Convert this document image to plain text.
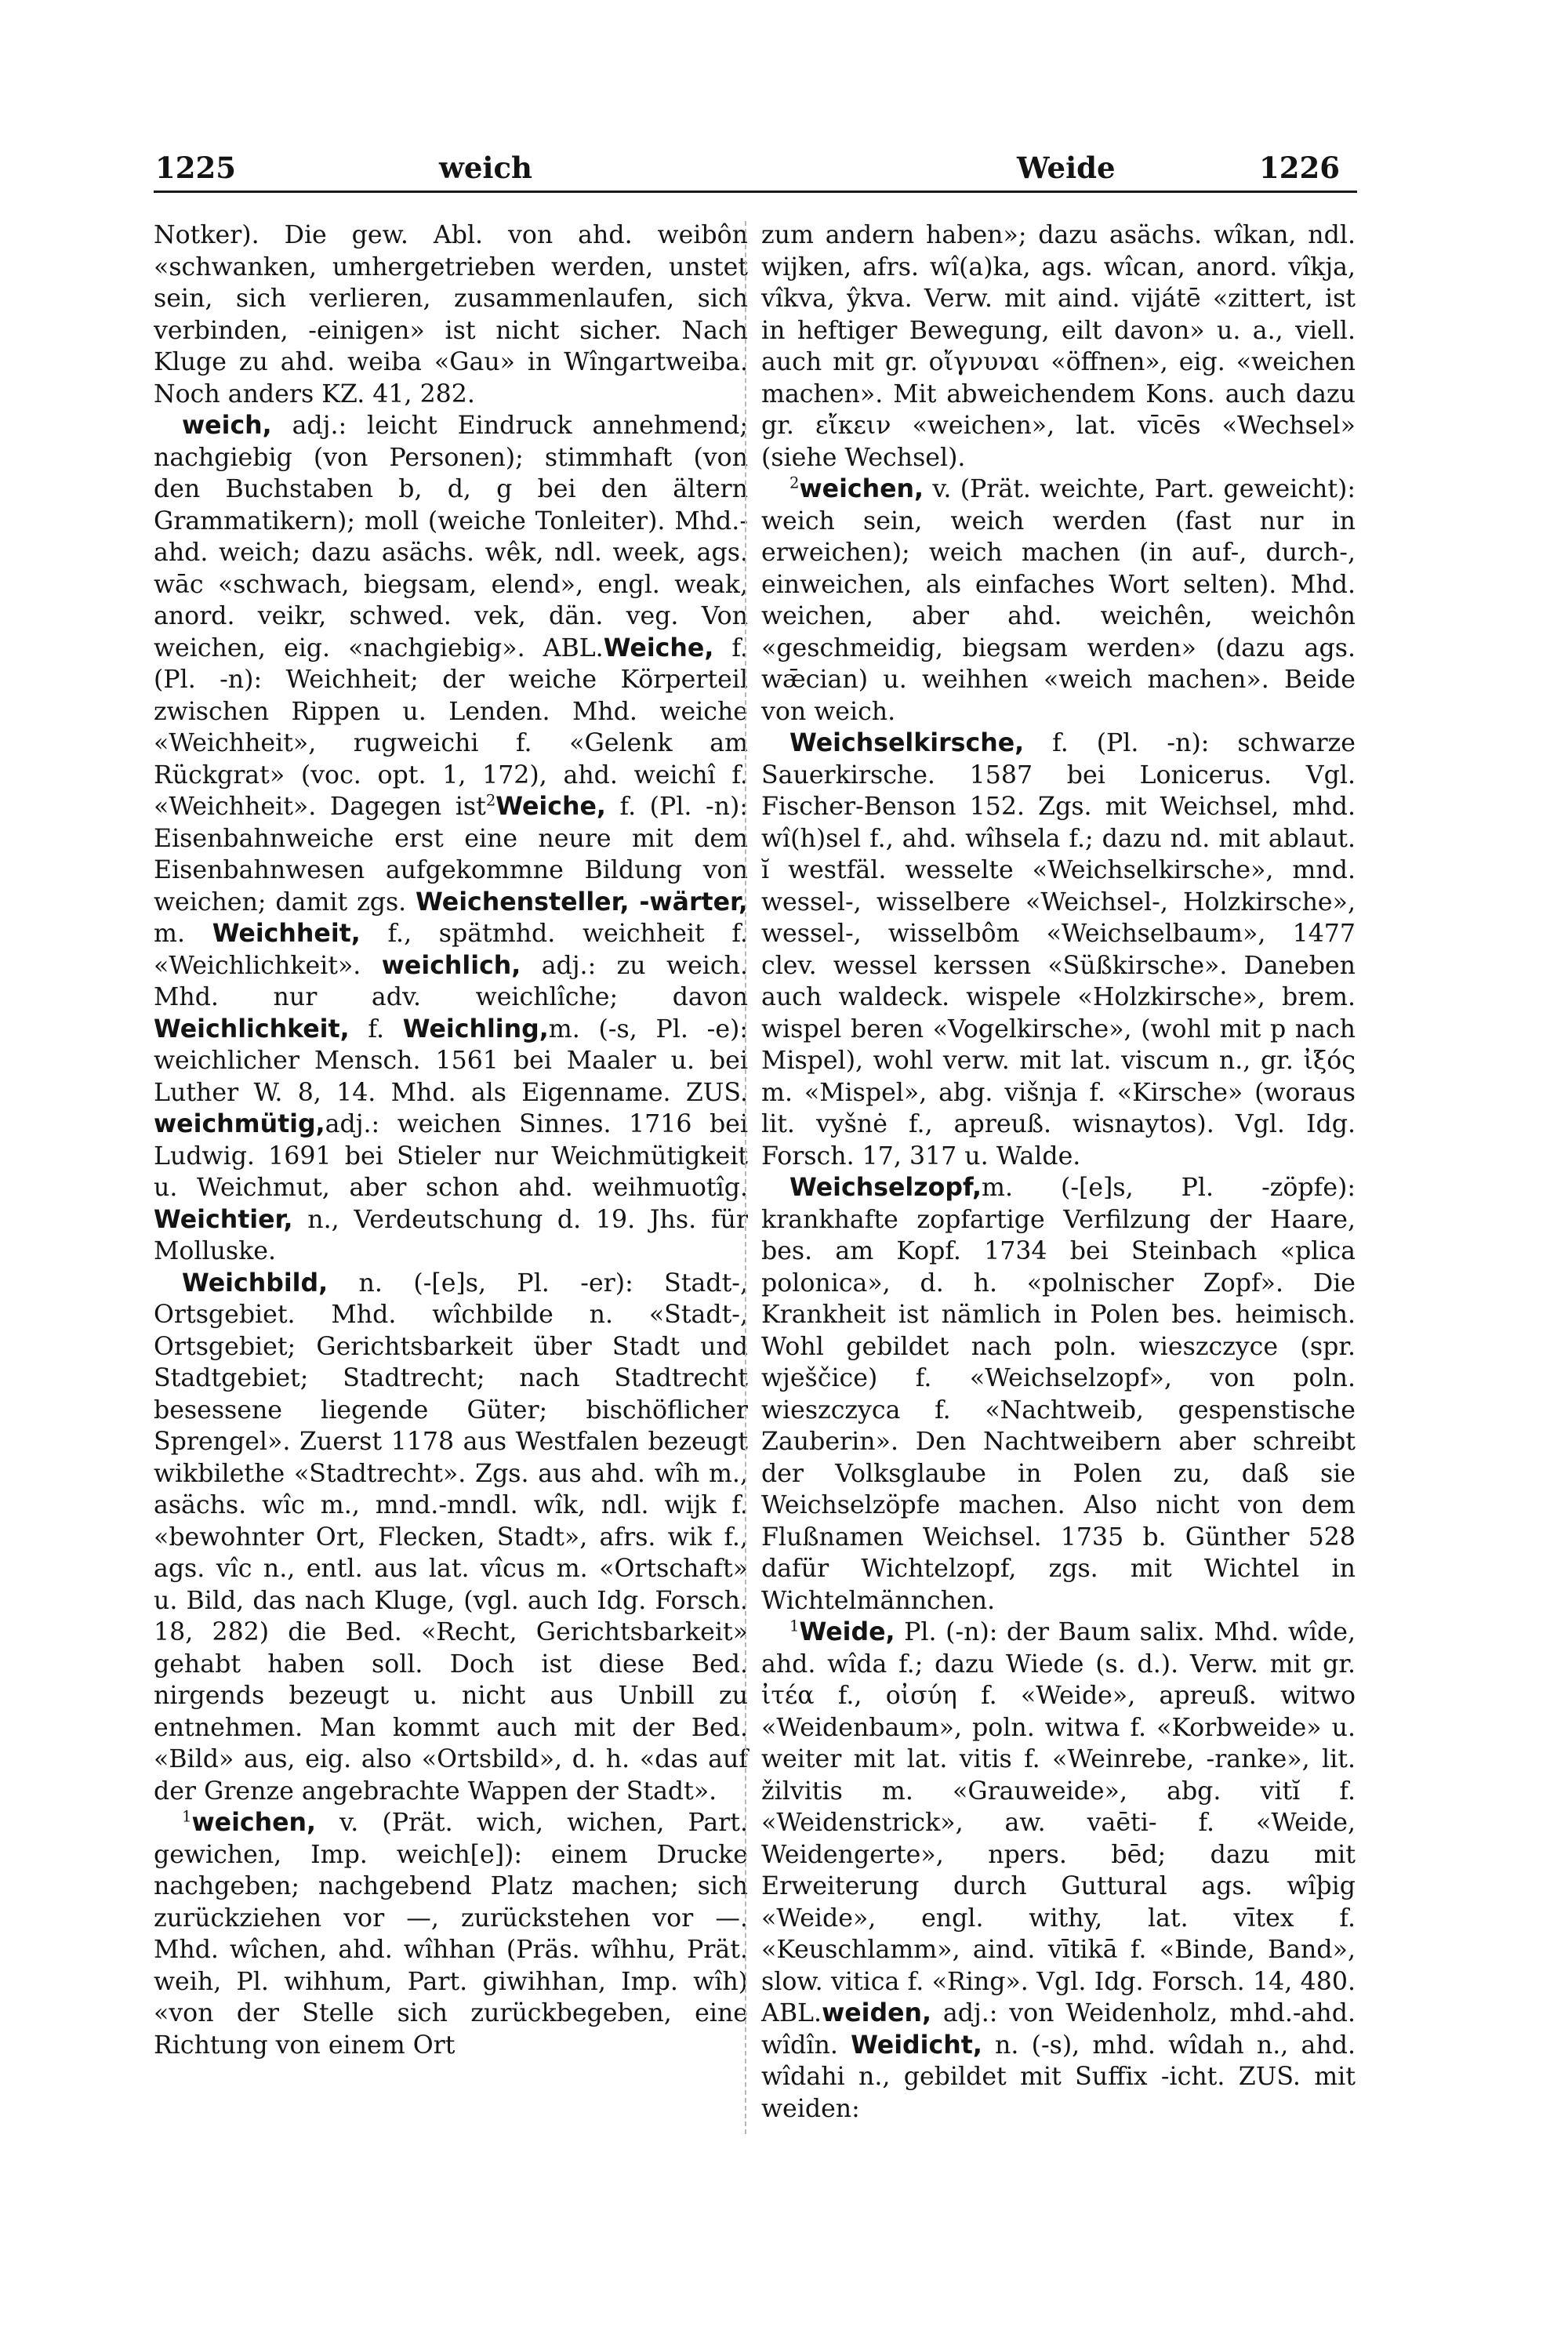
1225	weich	Weide	1226

Notker). Die gew. Abl. von ahd. weibôn «schwanken, umhergetrieben werden, unstet sein, sich verlieren, zusammenlaufen, sich verbinden, -einigen» ist nicht sicher. Nach Kluge zu ahd. weiba «Gau» in Wîngartweiba. Noch anders KZ. 41, 282.

weich, adj.: leicht Eindruck annehmend; nachgiebig (von Personen); stimmhaft (von den Buchstaben b, d, g bei den ältern Grammatikern); moll (weiche Tonleiter). Mhd.-ahd. weich; dazu asächs. wêk, ndl. week, ags. wāc «schwach, biegsam, elend», engl. weak, anord. veikr, schwed. vek, dän. veg. Von weichen, eig. «nachgiebig». ABL.Weiche, f. (Pl. -n): Weichheit; der weiche Körperteil zwischen Rippen u. Lenden. Mhd. weiche «Weichheit», rugweichi f. «Gelenk am Rückgrat» (voc. opt. 1, 172), ahd. weichî f. «Weichheit». Dagegen ist$^2$Weiche, f. (Pl. -n): Eisenbahnweiche erst eine neure mit dem Eisenbahnwesen aufgekommne Bildung von weichen; damit zgs. Weichensteller, -wärter, m. Weichheit, f., spätmhd. weichheit f. «Weichlichkeit». weichlich, adj.: zu weich. Mhd. nur adv. weichlîche; davon Weichlichkeit, f. Weichling,m. (-s, Pl. -e): weichlicher Mensch. 1561 bei Maaler u. bei Luther W. 8, 14. Mhd. als Eigenname. ZUS. weichmütig,adj.: weichen Sinnes. 1716 bei Ludwig. 1691 bei Stieler nur Weichmütigkeit u. Weichmut, aber schon ahd. weihmuotîg. Weichtier, n., Verdeutschung d. 19. Jhs. für Molluske.

Weichbild, n. (-[e]s, Pl. -er): Stadt-, Ortsgebiet. Mhd. wîchbilde n. «Stadt-, Ortsgebiet; Gerichtsbarkeit über Stadt und Stadtgebiet; Stadtrecht; nach Stadtrecht besessene liegende Güter; bischöflicher Sprengel». Zuerst 1178 aus Westfalen bezeugt wikbilethe «Stadtrecht». Zgs. aus ahd. wîh m., asächs. wîc m., mnd.-mndl. wîk, ndl. wijk f. «bewohnter Ort, Flecken, Stadt», afrs. wik f., ags. vîc n., entl. aus lat. vîcus m. «Ortschaft» u. Bild, das nach Kluge, (vgl. auch Idg. Forsch. 18, 282) die Bed. «Recht, Gerichtsbarkeit» gehabt haben soll. Doch ist diese Bed. nirgends bezeugt u. nicht aus Unbill zu entnehmen. Man kommt auch mit der Bed. «Bild» aus, eig. also «Ortsbild», d. h. «das auf der Grenze angebrachte Wappen der Stadt».

$^1$weichen, v. (Prät. wich, wichen, Part. gewichen, Imp. weich[e]): einem Drucke nachgeben; nachgebend Platz machen; sich zurückziehen vor —, zurückstehen vor —. Mhd. wîchen, ahd. wîhhan (Präs. wîhhu, Prät. weih, Pl. wihhum, Part. giwihhan, Imp. wîh) «von der Stelle sich zurückbegeben, eine Richtung von einem Ort

zum andern haben»; dazu asächs. wîkan, ndl. wijken, afrs. wî(a)ka, ags. wîcan, anord. vîkja, vîkva, ŷkva. Verw. mit aind. vijátē «zittert, ist in heftiger Bewegung, eilt davon» u. a., viell. auch mit gr. οἴγνυναι «öffnen», eig. «weichen machen». Mit abweichendem Kons. auch dazu gr. εἴκειν «weichen», lat. vīcēs «Wechsel» (siehe Wechsel).

$^2$weichen, v. (Prät. weichte, Part. geweicht): weich sein, weich werden (fast nur in erweichen); weich machen (in auf-, durch-, einweichen, als einfaches Wort selten). Mhd. weichen, aber ahd. weichên, weichôn «geschmeidig, biegsam werden» (dazu ags. wǣcian) u. weihhen «weich machen». Beide von weich.

Weichselkirsche, f. (Pl. -n): schwarze Sauerkirsche. 1587 bei Lonicerus. Vgl. Fischer-Benson 152. Zgs. mit Weichsel, mhd. wî(h)sel f., ahd. wîhsela f.; dazu nd. mit ablaut. ĭ westfäl. wesselte «Weichselkirsche», mnd. wessel-, wisselbere «Weichsel-, Holzkirsche», wessel-, wisselbôm «Weichselbaum», 1477 clev. wessel kerssen «Süßkirsche». Daneben auch waldeck. wispele «Holzkirsche», brem. wispel beren «Vogelkirsche», (wohl mit p nach Mispel), wohl verw. mit lat. viscum n., gr. ἰξός m. «Mispel», abg. višnja f. «Kirsche» (woraus lit. vyšnė f., apreuß. wisnaytos). Vgl. Idg. Forsch. 17, 317 u. Walde.

Weichselzopf,m. (-[e]s, Pl. -zöpfe): krankhafte zopfartige Verfilzung der Haare, bes. am Kopf. 1734 bei Steinbach «plica polonica», d. h. «polnischer Zopf». Die Krankheit ist nämlich in Polen bes. heimisch. Wohl gebildet nach poln. wieszczyce (spr. wješčice) f. «Weichselzopf», von poln. wieszczyca f. «Nachtweib, gespenstische Zauberin». Den Nachtweibern aber schreibt der Volksglaube in Polen zu, daß sie Weichselzöpfe machen. Also nicht von dem Flußnamen Weichsel. 1735 b. Günther 528 dafür Wichtelzopf, zgs. mit Wichtel in Wichtelmännchen.

$^1$Weide, Pl. (-n): der Baum salix. Mhd. wîde, ahd. wîda f.; dazu Wiede (s. d.). Verw. mit gr. ἰτέα f., οἰσύη f. «Weide», apreuß. witwo «Weidenbaum», poln. witwa f. «Korbweide» u. weiter mit lat. vitis f. «Weinrebe, -ranke», lit. žilvitis m. «Grauweide», abg. vitĭ f. «Weidenstrick», aw. vaēti- f. «Weide, Weidengerte», npers. bēd; dazu mit Erweiterung durch Guttural ags. wîþig «Weide», engl. withy, lat. vītex f. «Keuschlamm», aind. vītikā f. «Binde, Band», slow. vitica f. «Ring». Vgl. Idg. Forsch. 14, 480. ABL.weiden, adj.: von Weidenholz, mhd.-ahd. wîdîn. Weidicht, n. (-s), mhd. wîdah n., ahd. wîdahi n., gebildet mit Suffix -icht. ZUS. mit weiden:
